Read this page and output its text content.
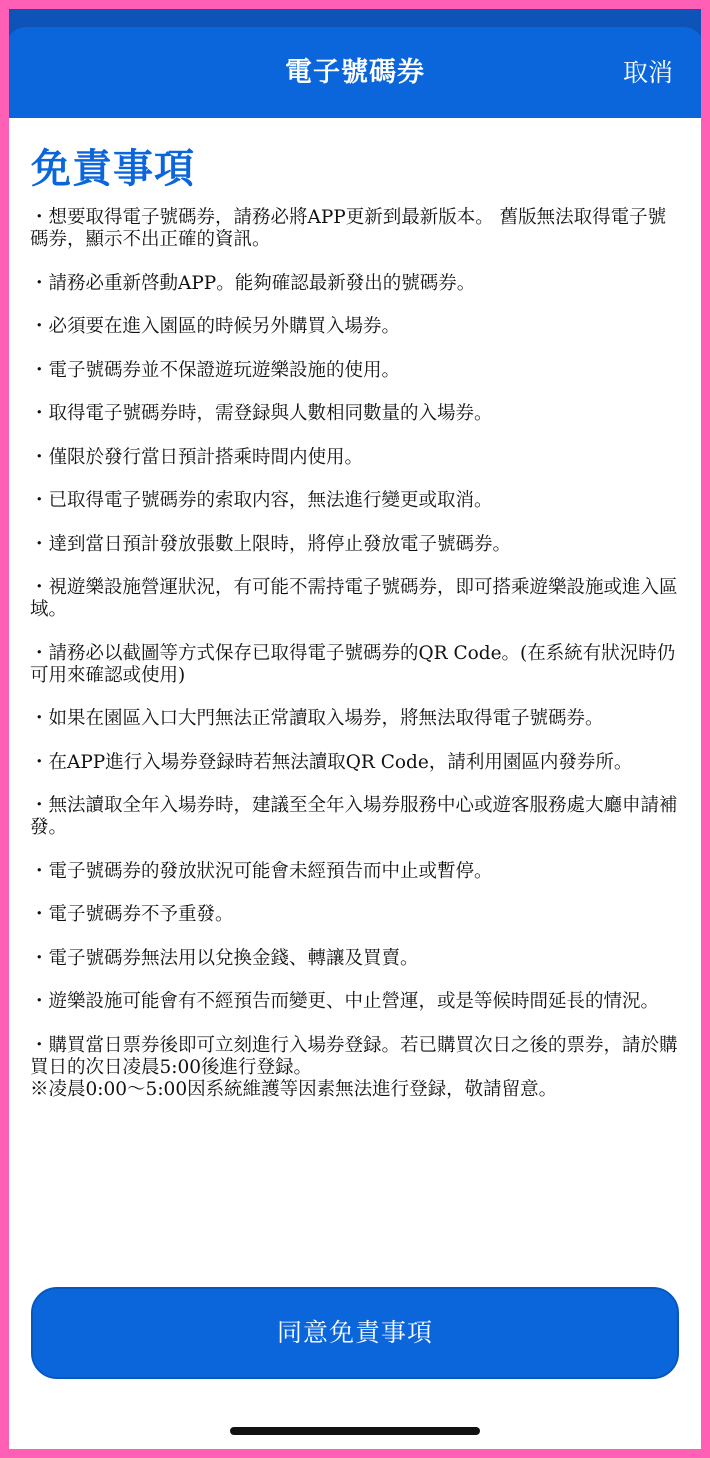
電子號碼券	取消
免責事項
・想要取得電子號碼券，請務必將APP更新到最新版本。 舊版無法取得電子號碼券，顯示不出正確的資訊。
・請務必重新啓動APP。能夠確認最新發出的號碼券。
・必須要在進入園區的時候另外購買入場券。
・電子號碼券並不保證遊玩遊樂設施的使用。
・取得電子號碼券時，需登録與人數相同數量的入場券。
・僅限於發行當日預計搭乘時間内使用。
・已取得電子號碼券的索取内容，無法進行變更或取消。
・達到當日預計發放張數上限時，將停止發放電子號碼券。
・視遊樂設施營運狀況，有可能不需持電子號碼券，即可搭乘遊樂設施或進入區域。
・請務必以截圖等方式保存已取得電子號碼券的QR Code。(在系統有狀況時仍可用來確認或使用)
・如果在園區入口大門無法正常讀取入場券，將無法取得電子號碼券。
・在APP進行入場券登録時若無法讀取QR Code，請利用園區内發券所。
・無法讀取全年入場券時，建議至全年入場券服務中心或遊客服務處大廳申請補發。
・電子號碼券的發放狀況可能會未經預告而中止或暫停。
・電子號碼券不予重發。
・電子號碼券無法用以兌換金錢、轉讓及買賣。
・遊樂設施可能會有不經預告而變更、中止營運，或是等候時間延長的情況。
・購買當日票券後即可立刻進行入場券登録。若已購買次日之後的票券，請於購買日的次日凌晨5:00後進行登録。
※凌晨0:00～5:00因系統維護等因素無法進行登録，敬請留意。
同意免責事項
